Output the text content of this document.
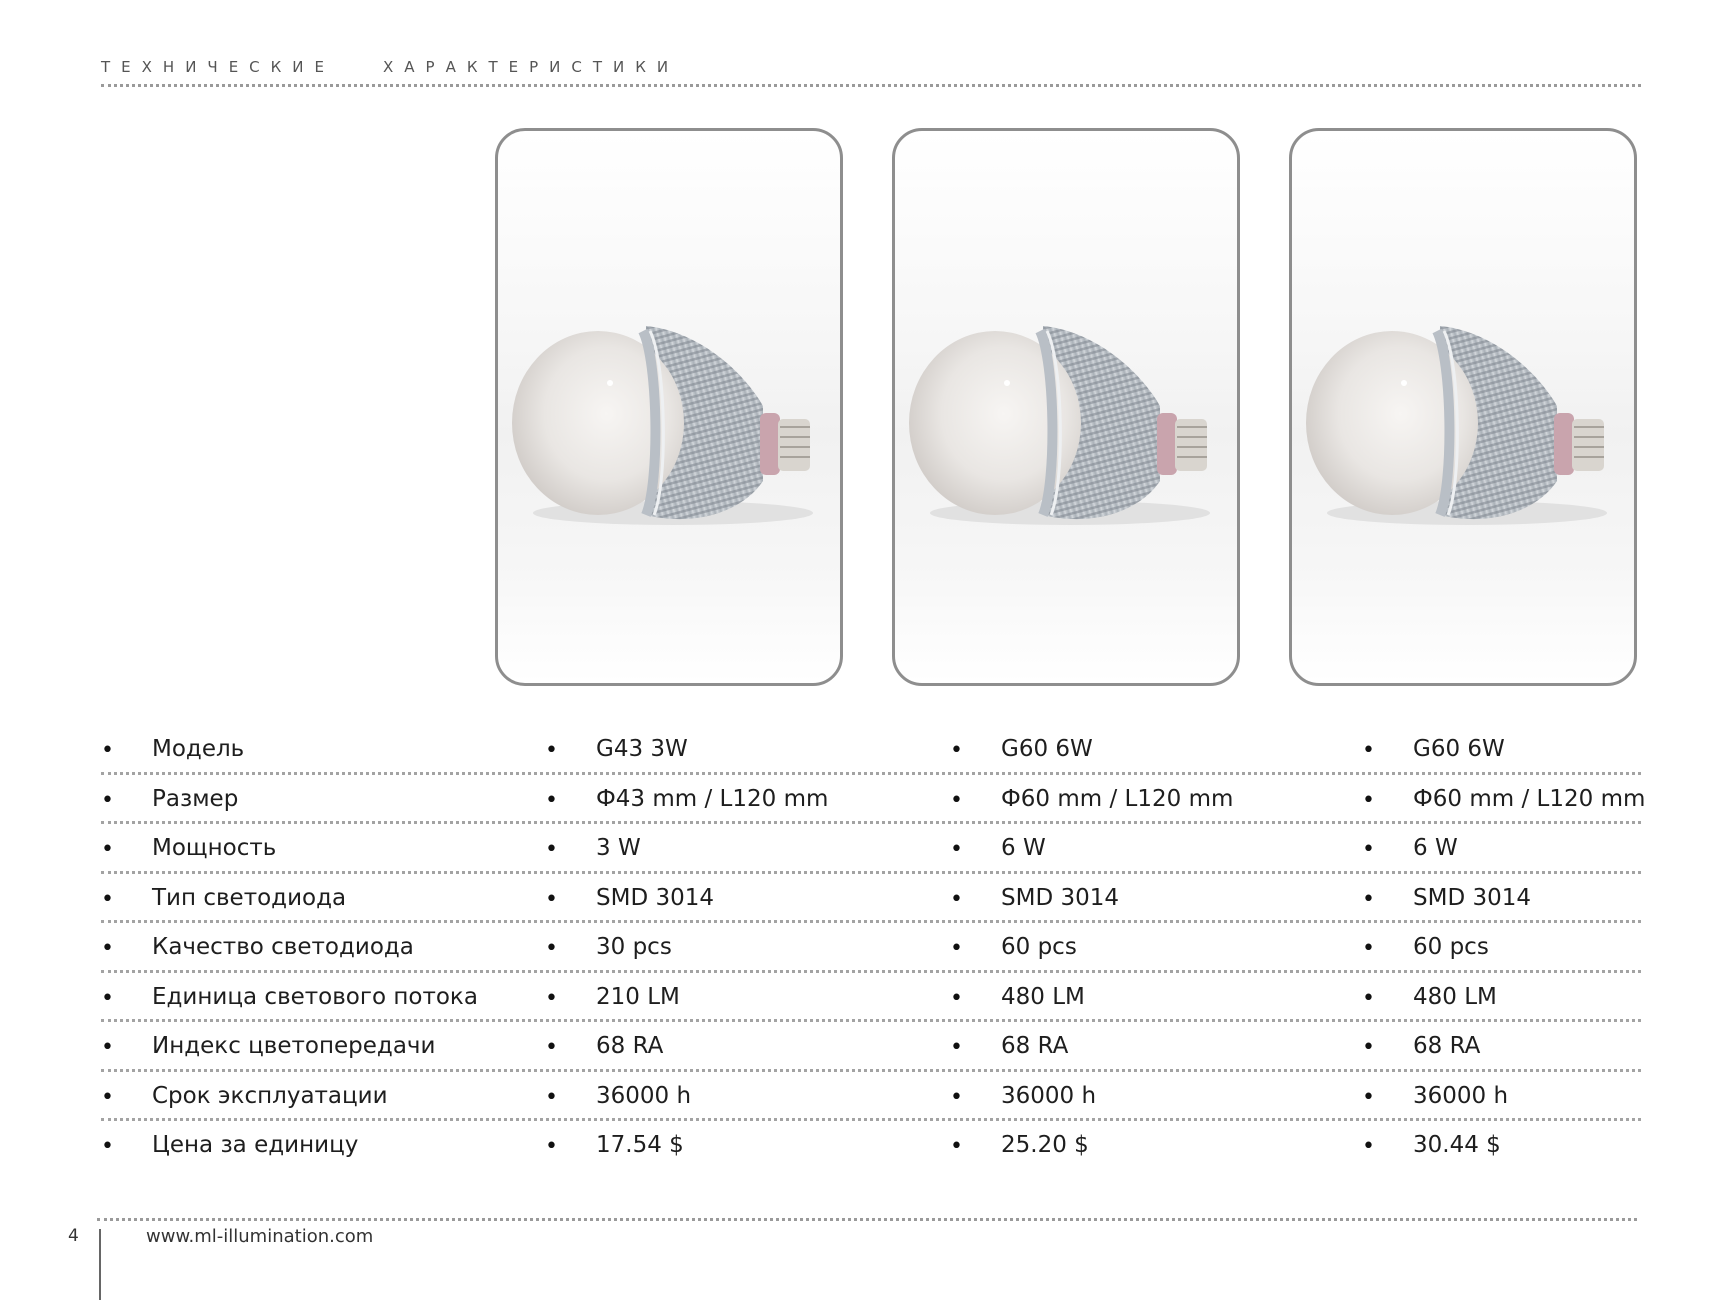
ТЕХНИЧЕСКИЕ	ХАРАКТЕРИСТИКИ
• Модель	• G43 3W	• G60 6W	• G60 6W
• Размер	• Ф43 mm / L120 mm	• Ф60 mm / L120 mm	• Ф60 mm / L120 mm
• Мощность	• 3 W	• 6 W	• 6 W
• Тип светодиода	• SMD 3014	• SMD 3014	• SMD 3014
• Качество светодиода	• 30 pcs	• 60 pcs	• 60 pcs
• Единица светового потока	• 210 LM	• 480 LM	• 480 LM
• Индекс цветопередачи	• 68 RA	• 68 RA	• 68 RA
• Срок эксплуатации	• 36000 h	• 36000 h	• 36000 h
• Цена за единицу	• 17.54 $	• 25.20 $	• 30.44 $
4	www.ml-illumination.com
